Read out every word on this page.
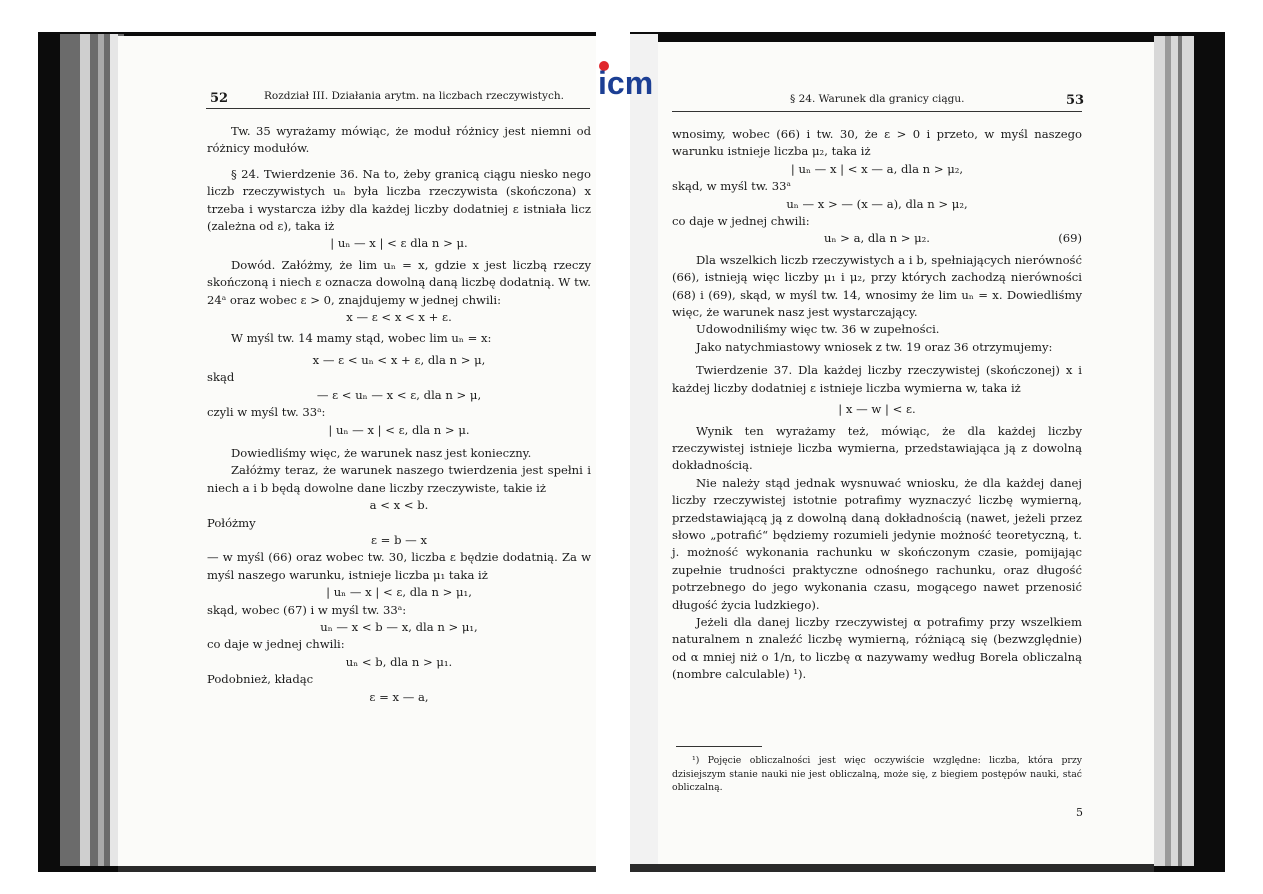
52	Rozdział III. Działania arytm. na liczbach rzeczywistych.

Tw. 35 wyrażamy mówiąc, że moduł różnicy jest niemni od różnicy modułów.

§ 24. Twierdzenie 36. Na to, żeby granicą ciągu niesko nego liczb rzeczywistych uₙ była liczba rzeczywista (skończona) x trzeba i wystarcza iżby dla każdej liczby dodatniej ε istniała licz (zależna od ε), taka iż

| uₙ — x | < ε dla n > μ.

Dowód. Załóżmy, że lim uₙ = x, gdzie x jest liczbą rzeczy skończoną i niech ε oznacza dowolną daną liczbę dodatnią. W tw. 24ᵃ oraz wobec ε > 0, znajdujemy w jednej chwili:

x — ε < x < x + ε.

W myśl tw. 14 mamy stąd, wobec lim uₙ = x:

x — ε < uₙ < x + ε, dla n > μ,

skąd

— ε < uₙ — x < ε, dla n > μ,

czyli w myśl tw. 33ᵃ:

| uₙ — x | < ε, dla n > μ.

Dowiedliśmy więc, że warunek nasz jest konieczny.

Załóżmy teraz, że warunek naszego twierdzenia jest spełni i niech a i b będą dowolne dane liczby rzeczywiste, takie iż

a < x < b.

Połóżmy

ε = b — x

— w myśl (66) oraz wobec tw. 30, liczba ε będzie dodatnią. Za w myśl naszego warunku, istnieje liczba μ₁ taka iż

| uₙ — x | < ε, dla n > μ₁,

skąd, wobec (67) i w myśl tw. 33ᵃ:

uₙ — x < b — x, dla n > μ₁,

co daje w jednej chwili:

uₙ < b, dla n > μ₁.

Podobnież, kładąc

ε = x — a,

icm	§ 24. Warunek dla granicy ciągu.	53

wnosimy, wobec (66) i tw. 30, że ε > 0 i przeto, w myśl naszego warunku istnieje liczba μ₂, taka iż

| uₙ — x | < x — a, dla n > μ₂,

skąd, w myśl tw. 33ᵃ

uₙ — x > — (x — a), dla n > μ₂,

co daje w jednej chwili:

uₙ > a, dla n > μ₂.	(69)

Dla wszelkich liczb rzeczywistych a i b, spełniających nierówność (66), istnieją więc liczby μ₁ i μ₂, przy których zachodzą nierówności (68) i (69), skąd, w myśl tw. 14, wnosimy że lim uₙ = x. Dowiedliśmy więc, że warunek nasz jest wystarczający.

Udowodniliśmy więc tw. 36 w zupełności.

Jako natychmiastowy wniosek z tw. 19 oraz 36 otrzymujemy:

Twierdzenie 37. Dla każdej liczby rzeczywistej (skończonej) x i każdej liczby dodatniej ε istnieje liczba wymierna w, taka iż

| x — w | < ε.

Wynik ten wyrażamy też, mówiąc, że dla każdej liczby rzeczywistej istnieje liczba wymierna, przedstawiająca ją z dowolną dokładnością.

Nie należy stąd jednak wysnuwać wniosku, że dla każdej danej liczby rzeczywistej istotnie potrafimy wyznaczyć liczbę wymierną, przedstawiającą ją z dowolną daną dokładnością (nawet, jeżeli przez słowo „potrafić“ będziemy rozumieli jedynie możność teoretyczną, t. j. możność wykonania rachunku w skończonym czasie, pomijając zupełnie trudności praktyczne odnośnego rachunku, oraz długość potrzebnego do jego wykonania czasu, mogącego nawet przenosić długość życia ludzkiego).

Jeżeli dla danej liczby rzeczywistej α potrafimy przy wszelkiem naturalnem n znaleźć liczbę wymierną, różniącą się (bezwzględnie) od α mniej niż o 1/n, to liczbę α nazywamy według Borela obliczalną (nombre calculable) ¹).

¹) Pojęcie obliczalności jest więc oczywiście względne: liczba, która przy dzisiejszym stanie nauki nie jest obliczalną, może się, z biegiem postępów nauki, stać obliczalną.

5
